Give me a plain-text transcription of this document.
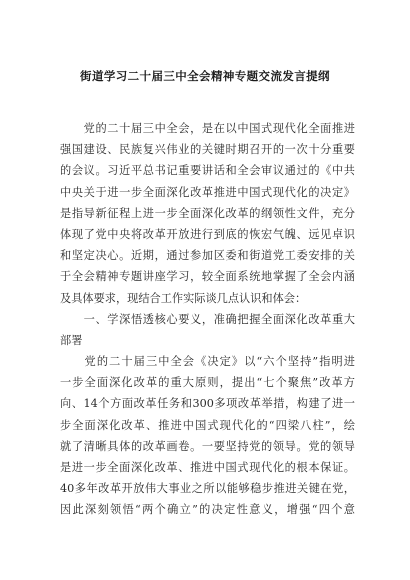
街道学习二十届三中全会精神专题交流发言提纲
　　党的二十届三中全会，是在以中国式现代化全面推进
强国建设、民族复兴伟业的关键时期召开的一次十分重要
的会议。习近平总书记重要讲话和全会审议通过的《中共
中央关于进一步全面深化改革推进中国式现代化的决定》
是指导新征程上进一步全面深化改革的纲领性文件，充分
体现了党中央将改革开放进行到底的恢宏气魄、远见卓识
和坚定决心。近期，通过参加区委和街道党工委安排的关
于全会精神专题讲座学习，较全面系统地掌握了全会内涵
及具体要求，现结合工作实际谈几点认识和体会：
　　一、学深悟透核心要义，准确把握全面深化改革重大
部署
　　党的二十届三中全会《决定》以“六个坚持”指明进
一步全面深化改革的重大原则，提出“七个聚焦”改革方
向、14个方面改革任务和300多项改革举措，构建了进一
步全面深化改革、推进中国式现代化的“四梁八柱”，绘
就了清晰具体的改革画卷。一要坚持党的领导。党的领导
是进一步全面深化改革、推进中国式现代化的根本保证。
40多年改革开放伟大事业之所以能够稳步推进关键在党，
因此深刻领悟“两个确立”的决定性意义，增强“四个意
